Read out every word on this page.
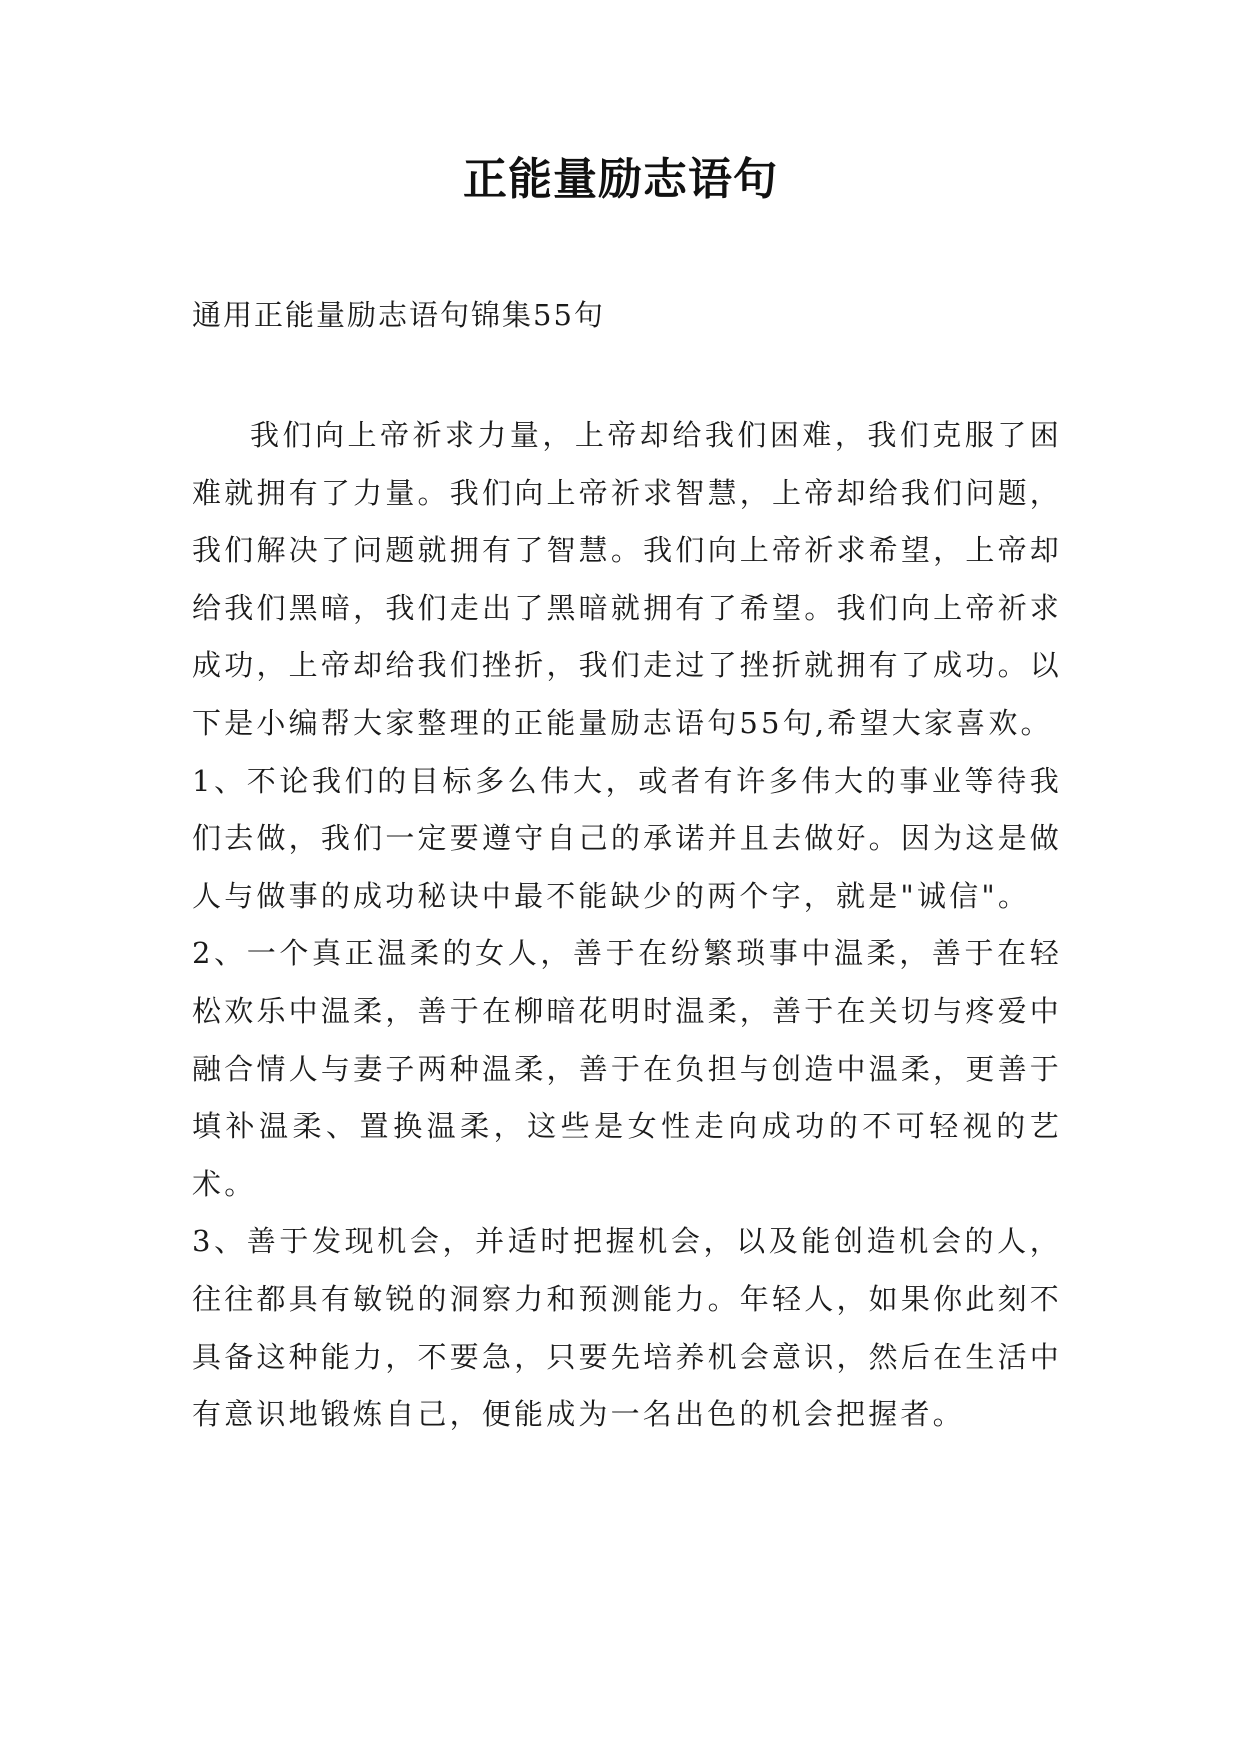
正能量励志语句
通用正能量励志语句锦集55句

我们向上帝祈求力量，上帝却给我们困难，我们克服了困难就拥有了力量。我们向上帝祈求智慧，上帝却给我们问题，我们解决了问题就拥有了智慧。我们向上帝祈求希望，上帝却给我们黑暗，我们走出了黑暗就拥有了希望。我们向上帝祈求成功，上帝却给我们挫折，我们走过了挫折就拥有了成功。以下是小编帮大家整理的正能量励志语句55句,希望大家喜欢。

1、不论我们的目标多么伟大，或者有许多伟大的事业等待我们去做，我们一定要遵守自己的承诺并且去做好。因为这是做人与做事的成功秘诀中最不能缺少的两个字，就是"诚信"。

2、一个真正温柔的女人，善于在纷繁琐事中温柔，善于在轻松欢乐中温柔，善于在柳暗花明时温柔，善于在关切与疼爱中融合情人与妻子两种温柔，善于在负担与创造中温柔，更善于填补温柔、置换温柔，这些是女性走向成功的不可轻视的艺术。

3、善于发现机会，并适时把握机会，以及能创造机会的人，往往都具有敏锐的洞察力和预测能力。年轻人，如果你此刻不具备这种能力，不要急，只要先培养机会意识，然后在生活中有意识地锻炼自己，便能成为一名出色的机会把握者。
